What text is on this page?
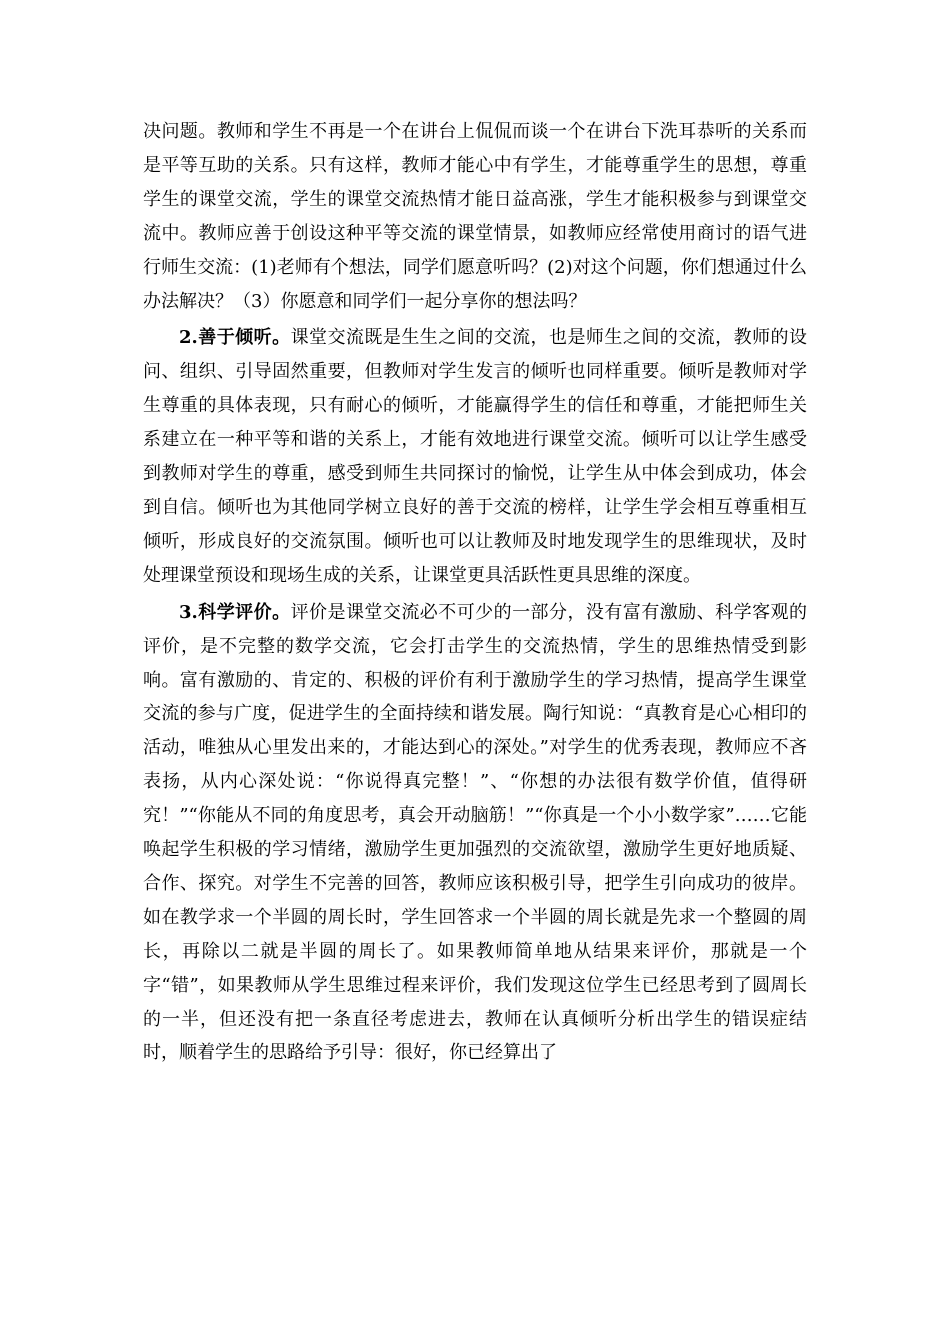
决问题。教师和学生不再是一个在讲台上侃侃而谈一个在讲台下洗耳恭听的关系而是平等互助的关系。只有这样，教师才能心中有学生，才能尊重学生的思想，尊重学生的课堂交流，学生的课堂交流热情才能日益高涨，学生才能积极参与到课堂交流中。教师应善于创设这种平等交流的课堂情景，如教师应经常使用商讨的语气进行师生交流：(1)老师有个想法，同学们愿意听吗？(2)对这个问题，你们想通过什么办法解决？（3）你愿意和同学们一起分享你的想法吗？

2.善于倾听。课堂交流既是生生之间的交流，也是师生之间的交流，教师的设问、组织、引导固然重要，但教师对学生发言的倾听也同样重要。倾听是教师对学生尊重的具体表现，只有耐心的倾听，才能赢得学生的信任和尊重，才能把师生关系建立在一种平等和谐的关系上，才能有效地进行课堂交流。倾听可以让学生感受到教师对学生的尊重，感受到师生共同探讨的愉悦，让学生从中体会到成功，体会到自信。倾听也为其他同学树立良好的善于交流的榜样，让学生学会相互尊重相互倾听，形成良好的交流氛围。倾听也可以让教师及时地发现学生的思维现状，及时处理课堂预设和现场生成的关系，让课堂更具活跃性更具思维的深度。

3.科学评价。评价是课堂交流必不可少的一部分，没有富有激励、科学客观的评价，是不完整的数学交流，它会打击学生的交流热情，学生的思维热情受到影响。富有激励的、肯定的、积极的评价有利于激励学生的学习热情，提高学生课堂交流的参与广度，促进学生的全面持续和谐发展。陶行知说：“真教育是心心相印的活动，唯独从心里发出来的，才能达到心的深处。”对学生的优秀表现，教师应不吝表扬，从内心深处说：“你说得真完整！”、“你想的办法很有数学价值，值得研究！”“你能从不同的角度思考，真会开动脑筋！”“你真是一个小小数学家”……它能唤起学生积极的学习情绪，激励学生更加强烈的交流欲望，激励学生更好地质疑、合作、探究。对学生不完善的回答，教师应该积极引导，把学生引向成功的彼岸。如在教学求一个半圆的周长时，学生回答求一个半圆的周长就是先求一个整圆的周长，再除以二就是半圆的周长了。如果教师简单地从结果来评价，那就是一个字“错”，如果教师从学生思维过程来评价，我们发现这位学生已经思考到了圆周长的一半，但还没有把一条直径考虑进去，教师在认真倾听分析出学生的错误症结时，顺着学生的思路给予引导：很好，你已经算出了
